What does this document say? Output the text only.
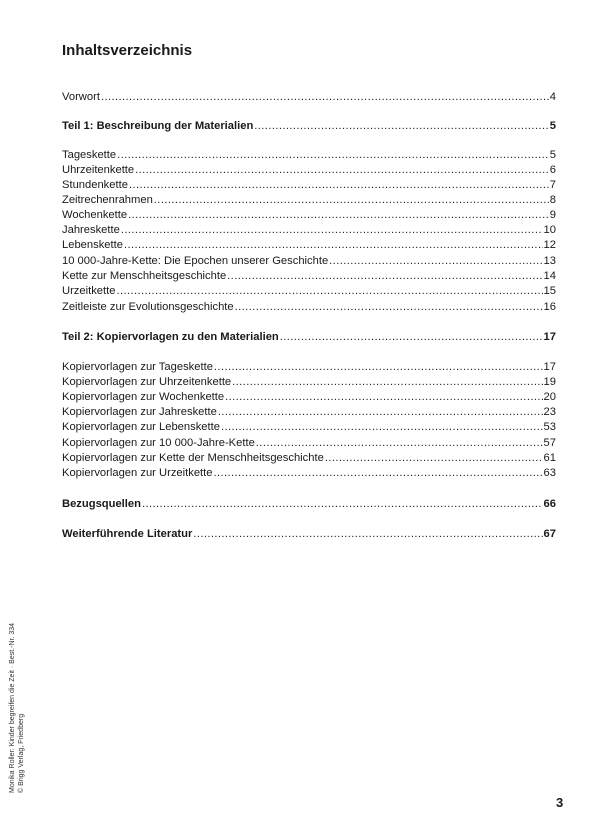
Inhaltsverzeichnis
Vorwort .....	4
Teil 1: Beschreibung der Materialien .....	5
Tageskette .....	5
Uhrzeitenkette .....	6
Stundenkette .....	7
Zeitrechenrahmen .....	8
Wochenkette .....	9
Jahreskette .....	10
Lebenskette .....	12
10 000-Jahre-Kette: Die Epochen unserer Geschichte .....	13
Kette zur Menschheitsgeschichte .....	14
Urzeitkette .....	15
Zeitleiste zur Evolutionsgeschichte .....	16
Teil 2: Kopiervorlagen zu den Materialien .....	17
Kopiervorlagen zur Tageskette .....	17
Kopiervorlagen zur Uhrzeitenkette .....	19
Kopiervorlagen zur Wochenkette .....	20
Kopiervorlagen zur Jahreskette .....	23
Kopiervorlagen zur Lebenskette .....	53
Kopiervorlagen zur 10 000-Jahre-Kette .....	57
Kopiervorlagen zur Kette der Menschheitsgeschichte .....	61
Kopiervorlagen zur Urzeitkette .....	63
Bezugsquellen .....	66
Weiterführende Literatur .....	67
Monika Roller: Kinder begreifen die Zeit · Best.-Nr. 334 © Brigg Verlag, Friedberg
3
